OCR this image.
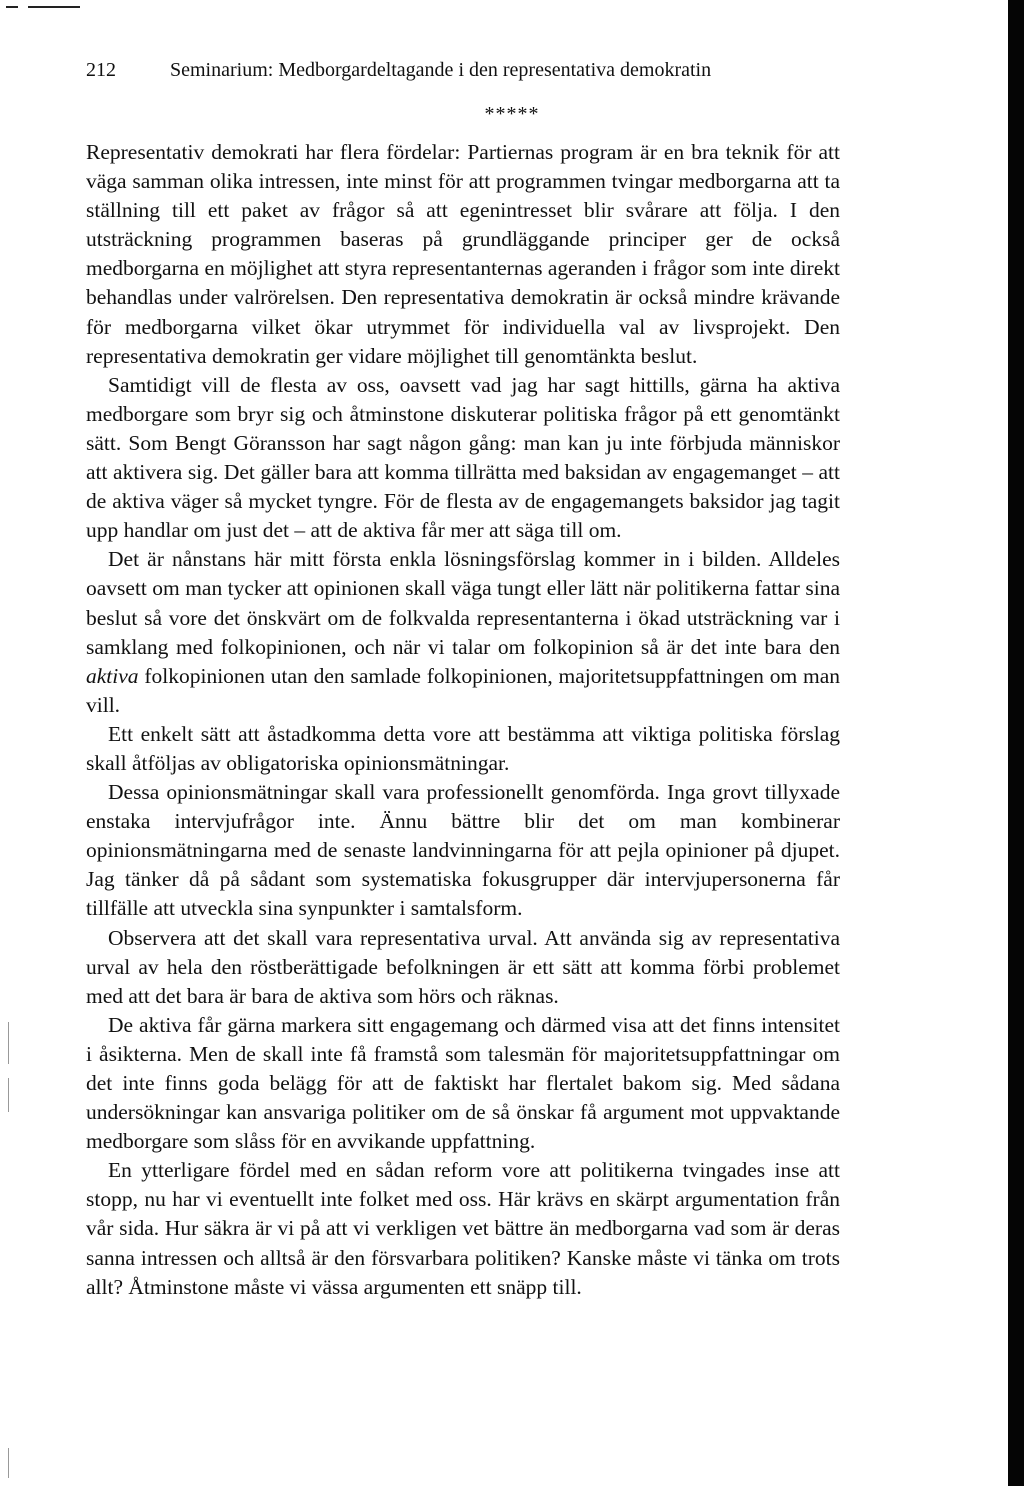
212	Seminarium: Medborgardeltagande i den representativa demokratin
*****

Representativ demokrati har flera fördelar: Partiernas program är en bra teknik för att väga samman olika intressen, inte minst för att programmen tvingar medborgarna att ta ställning till ett paket av frågor så att egenintresset blir svårare att följa. I den utsträckning programmen baseras på grundläggande principer ger de också medborgarna en möjlighet att styra representanternas ageranden i frågor som inte direkt behandlas under valrörelsen. Den representativa demokratin är också mindre krävande för medborgarna vilket ökar utrymmet för individuella val av livsprojekt. Den representativa demokratin ger vidare möjlighet till genomtänkta beslut.

Samtidigt vill de flesta av oss, oavsett vad jag har sagt hittills, gärna ha aktiva medborgare som bryr sig och åtminstone diskuterar politiska frågor på ett genomtänkt sätt. Som Bengt Göransson har sagt någon gång: man kan ju inte förbjuda människor att aktivera sig. Det gäller bara att komma tillrätta med baksidan av engagemanget – att de aktiva väger så mycket tyngre. För de flesta av de engagemangets baksidor jag tagit upp handlar om just det – att de aktiva får mer att säga till om.

Det är nånstans här mitt första enkla lösningsförslag kommer in i bilden. Alldeles oavsett om man tycker att opinionen skall väga tungt eller lätt när politikerna fattar sina beslut så vore det önskvärt om de folkvalda representanterna i ökad utsträckning var i samklang med folkopinionen, och när vi talar om folkopinion så är det inte bara den aktiva folkopinionen utan den samlade folkopinionen, majoritetsuppfattningen om man vill.

Ett enkelt sätt att åstadkomma detta vore att bestämma att viktiga politiska förslag skall åtföljas av obligatoriska opinionsmätningar.

Dessa opinionsmätningar skall vara professionellt genomförda. Inga grovt tillyxade enstaka intervjufrågor inte. Ännu bättre blir det om man kombinerar opinionsmätningarna med de senaste landvinningarna för att pejla opinioner på djupet. Jag tänker då på sådant som systematiska fokusgrupper där intervjupersonerna får tillfälle att utveckla sina synpunkter i samtalsform.

Observera att det skall vara representativa urval. Att använda sig av representativa urval av hela den röstberättigade befolkningen är ett sätt att komma förbi problemet med att det bara är bara de aktiva som hörs och räknas.

De aktiva får gärna markera sitt engagemang och därmed visa att det finns intensitet i åsikterna. Men de skall inte få framstå som talesmän för majoritetsuppfattningar om det inte finns goda belägg för att de faktiskt har flertalet bakom sig. Med sådana undersökningar kan ansvariga politiker om de så önskar få argument mot uppvaktande medborgare som slåss för en avvikande uppfattning.

En ytterligare fördel med en sådan reform vore att politikerna tvingades inse att stopp, nu har vi eventuellt inte folket med oss. Här krävs en skärpt argumentation från vår sida. Hur säkra är vi på att vi verkligen vet bättre än medborgarna vad som är deras sanna intressen och alltså är den försvarbara politiken? Kanske måste vi tänka om trots allt? Åtminstone måste vi vässa argumenten ett snäpp till.
